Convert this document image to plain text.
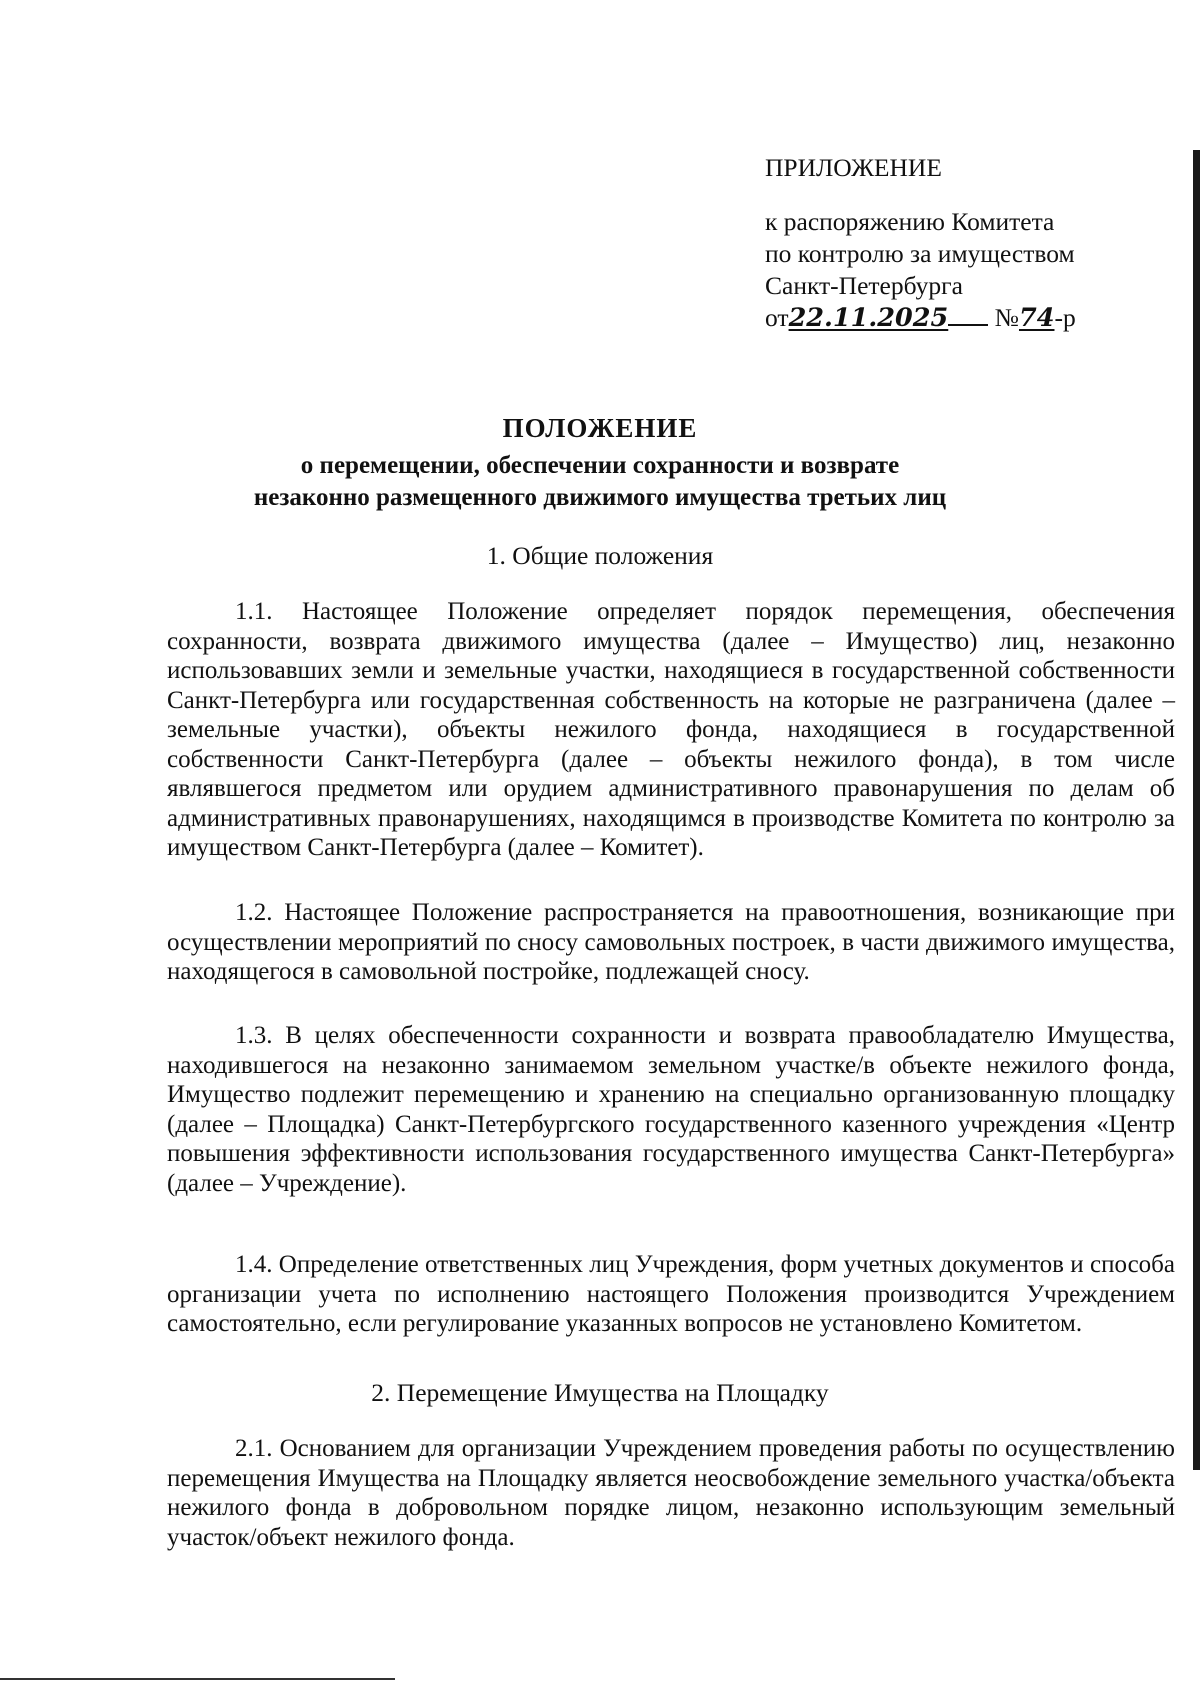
ПРИЛОЖЕНИЕ
к распоряжению Комитета
по контролю за имуществом
Санкт-Петербурга
от22.11.2025 №74-р
ПОЛОЖЕНИЕ
о перемещении, обеспечении сохранности и возврате
незаконно размещенного движимого имущества третьих лиц
1. Общие положения

1.1. Настоящее Положение определяет порядок перемещения, обеспечения сохранности, возврата движимого имущества (далее – Имущество) лиц, незаконно использовавших земли и земельные участки, находящиеся в государственной собственности Санкт-Петербурга или государственная собственность на которые не разграничена (далее – земельные участки), объекты нежилого фонда, находящиеся в государственной собственности Санкт-Петербурга (далее – объекты нежилого фонда), в том числе являвшегося предметом или орудием административного правонарушения по делам об административных правонарушениях, находящимся в производстве Комитета по контролю за имуществом Санкт-Петербурга (далее – Комитет).

1.2. Настоящее Положение распространяется на правоотношения, возникающие при осуществлении мероприятий по сносу самовольных построек, в части движимого имущества, находящегося в самовольной постройке, подлежащей сносу.

1.3. В целях обеспеченности сохранности и возврата правообладателю Имущества, находившегося на незаконно занимаемом земельном участке/в объекте нежилого фонда, Имущество подлежит перемещению и хранению на специально организованную площадку (далее – Площадка) Санкт-Петербургского государственного казенного учреждения «Центр повышения эффективности использования государственного имущества Санкт-Петербурга» (далее – Учреждение).

1.4. Определение ответственных лиц Учреждения, форм учетных документов и способа организации учета по исполнению настоящего Положения производится Учреждением самостоятельно, если регулирование указанных вопросов не установлено Комитетом.

2. Перемещение Имущества на Площадку

2.1. Основанием для организации Учреждением проведения работы по осуществлению перемещения Имущества на Площадку является неосвобождение земельного участка/объекта нежилого фонда в добровольном порядке лицом, незаконно использующим земельный участок/объект нежилого фонда.
